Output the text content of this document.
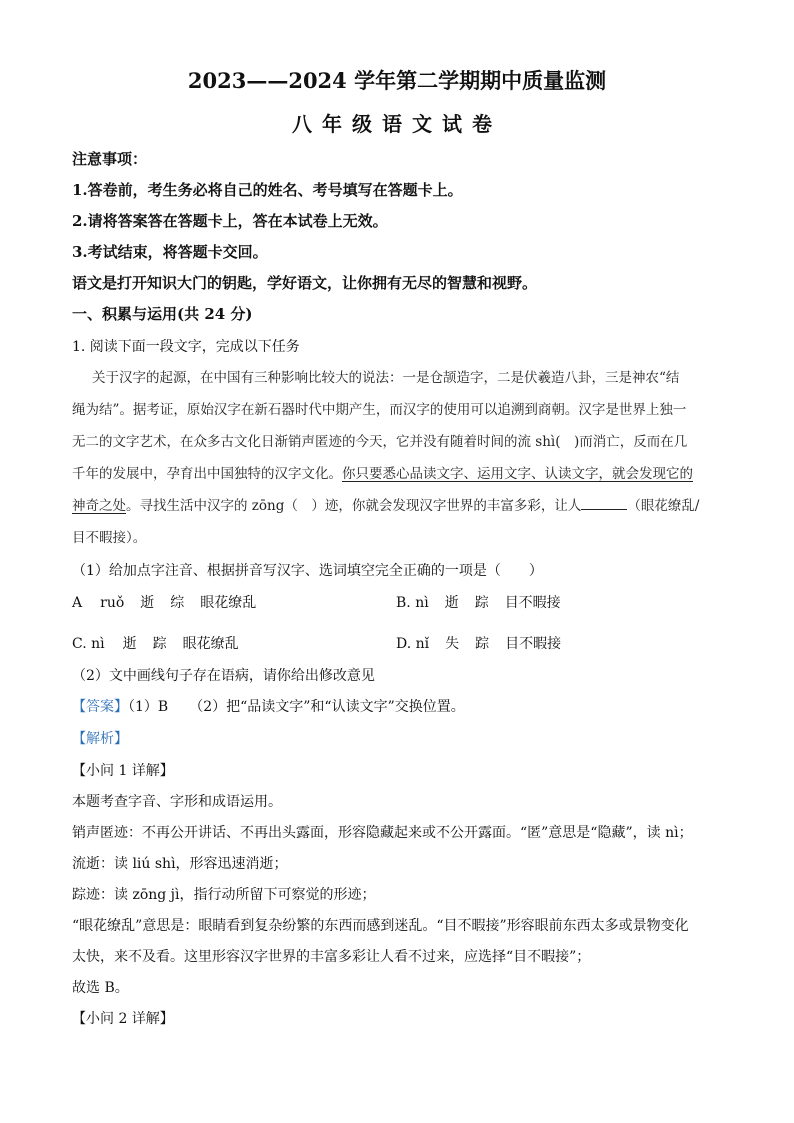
2023——2024 学年第二学期期中质量监测
八年级语文试卷
注意事项：
1.答卷前，考生务必将自己的姓名、考号填写在答题卡上。
2.请将答案答在答题卡上，答在本试卷上无效。
3.考试结束，将答题卡交回。
语文是打开知识大门的钥匙，学好语文，让你拥有无尽的智慧和视野。
一、积累与运用(共 24 分)
1. 阅读下面一段文字，完成以下任务
关于汉字的起源，在中国有三种影响比较大的说法：一是仓颉造字，二是伏羲造八卦，三是神农“结
绳为结”。据考证，原始汉字在新石器时代中期产生，而汉字的使用可以追溯到商朝。汉字是世界上独一
无二的文字艺术，在众多古文化日渐销声匿迹的今天，它并没有随着时间的流 shì(　)而消亡，反而在几
千年的发展中，孕育出中国独特的汉字文化。你只要悉心品读文字、运用文字、认读文字，就会发现它的
神奇之处。寻找生活中汉字的 zōng（　）迹，你就会发现汉字世界的丰富多彩，让人	（眼花缭乱/
目不暇接）。
（1）给加点字注音、根据拼音写汉字、选词填空完全正确的一项是（　　）
A ruǒ 逝 综 眼花缭乱	B. nì 逝 踪 目不暇接
C. nì 逝 踪 眼花缭乱	D. nǐ 失 踪 目不暇接
（2）文中画线句子存在语病，请你给出修改意见
【答案】（1）B　　（2）把“品读文字”和“认读文字”交换位置。
【解析】
【小问 1 详解】
本题考查字音、字形和成语运用。
销声匿迹：不再公开讲话、不再出头露面，形容隐藏起来或不公开露面。“匿”意思是“隐藏”，读 nì；
流逝：读 liú shì，形容迅速消逝；
踪迹：读 zōng jì，指行动所留下可察觉的形迹；
“眼花缭乱”意思是：眼睛看到复杂纷繁的东西而感到迷乱。“目不暇接”形容眼前东西太多或景物变化
太快，来不及看。这里形容汉字世界的丰富多彩让人看不过来，应选择“目不暇接”；
故选 B。
【小问 2 详解】
